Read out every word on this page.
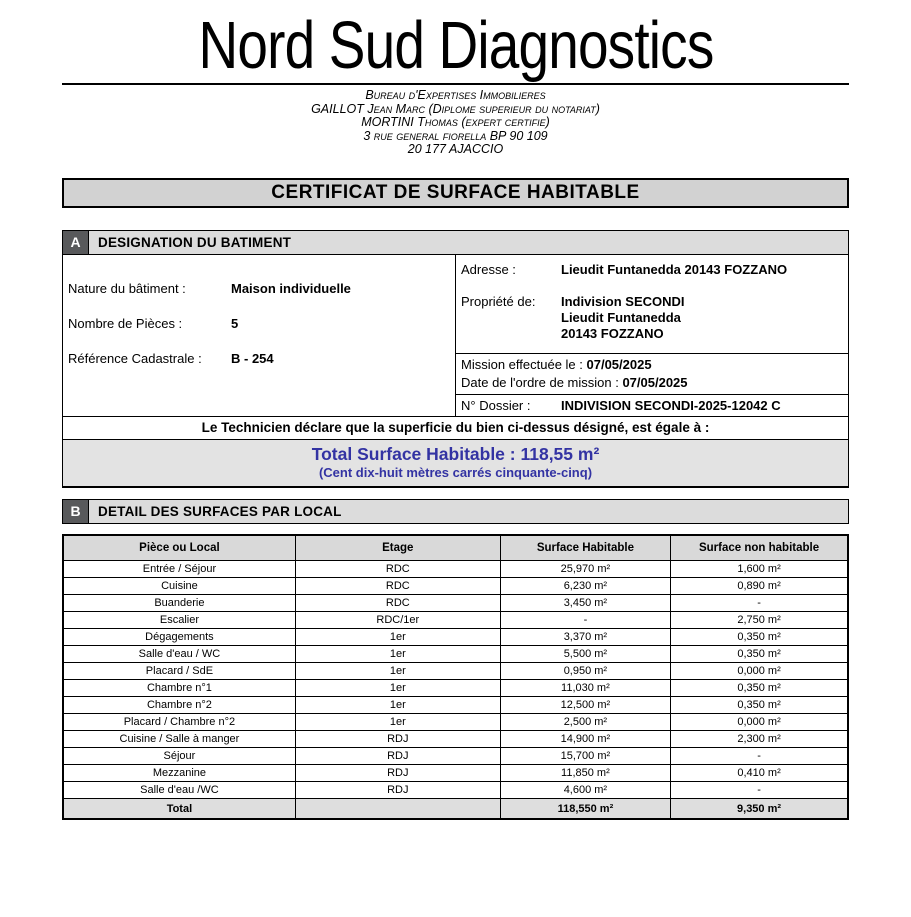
Nord Sud Diagnostics
Bureau d'Expertises Immobilieres
GAILLOT Jean Marc (Diplome superieur du notariat)
MORTINI Thomas (expert certifie)
3 rue general fiorella BP 90 109
20 177 AJACCIO
CERTIFICAT DE SURFACE HABITABLE
A	DESIGNATION DU BATIMENT
Nature du bâtiment :	Maison individuelle
Nombre de Pièces :	5
Référence Cadastrale :	B - 254
Adresse :	Lieudit Funtanedda 20143 FOZZANO
Propriété de:	Indivision SECONDI
Lieudit Funtanedda
20143 FOZZANO
Mission effectuée le : 07/05/2025
Date de l'ordre de mission : 07/05/2025
N° Dossier :	INDIVISION SECONDI-2025-12042 C
Le Technicien déclare que la superficie du bien ci-dessus désigné, est égale à :
Total Surface Habitable : 118,55 m²
(Cent dix-huit mètres carrés cinquante-cinq)
B	DETAIL DES SURFACES PAR LOCAL
Pièce ou Local	Etage	Surface Habitable	Surface non habitable
Entrée / Séjour	RDC	25,970 m²	1,600 m²
Cuisine	RDC	6,230 m²	0,890 m²
Buanderie	RDC	3,450 m²	-
Escalier	RDC/1er	-	2,750 m²
Dégagements	1er	3,370 m²	0,350 m²
Salle d'eau / WC	1er	5,500 m²	0,350 m²
Placard / SdE	1er	0,950 m²	0,000 m²
Chambre n°1	1er	11,030 m²	0,350 m²
Chambre n°2	1er	12,500 m²	0,350 m²
Placard / Chambre n°2	1er	2,500 m²	0,000 m²
Cuisine / Salle à manger	RDJ	14,900 m²	2,300 m²
Séjour	RDJ	15,700 m²	-
Mezzanine	RDJ	11,850 m²	0,410 m²
Salle d'eau /WC	RDJ	4,600 m²	-
Total		118,550 m²	9,350 m²
